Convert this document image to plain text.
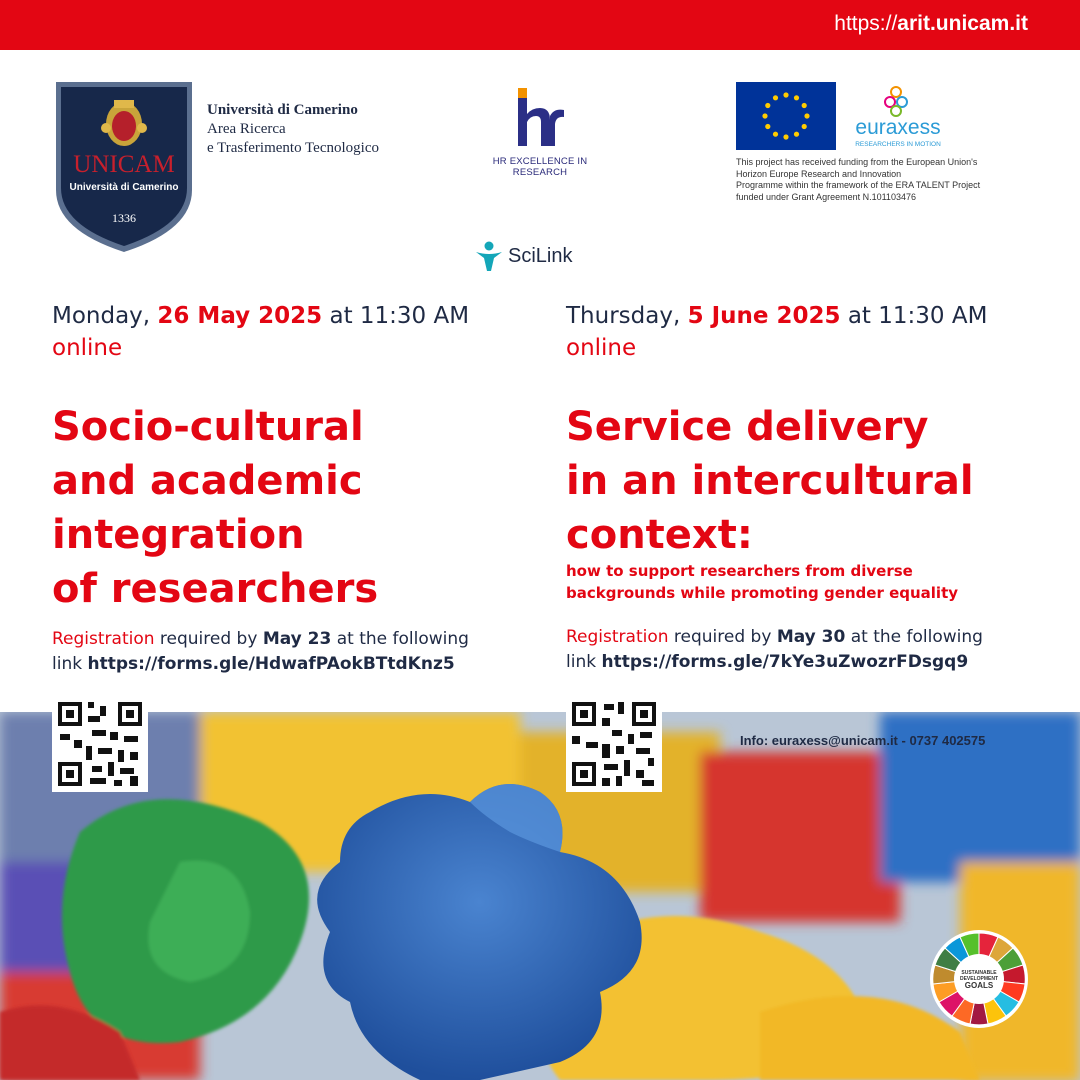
https://arit.unicam.it
UNICAM
Università di Camerino
1336
Università di Camerino
Area Ricerca
e Trasferimento Tecnologico
HR EXCELLENCE IN RESEARCH
euraxess
RESEARCHERS IN MOTION
This project has received funding from the European Union's
Horizon Europe Research and Innovation
Programme within the framework of the ERA TALENT Project
funded under Grant Agreement N.101103476
SciLink
Monday, 26 May 2025 at 11:30 AM
online
Socio-cultural
and academic
integration
of researchers
Registration required by May 23 at the following
link https://forms.gle/HdwafPAokBTtdKnz5
Thursday, 5 June 2025 at 11:30 AM
online
Service delivery
in an intercultural
context:
how to support researchers from diverse
backgrounds while promoting gender equality
Registration required by May 30 at the following
link https://forms.gle/7kYe3uZwozrFDsgq9
Info: euraxess@unicam.it - 0737 402575
SUSTAINABLE
DEVELOPMENT
GOALS
